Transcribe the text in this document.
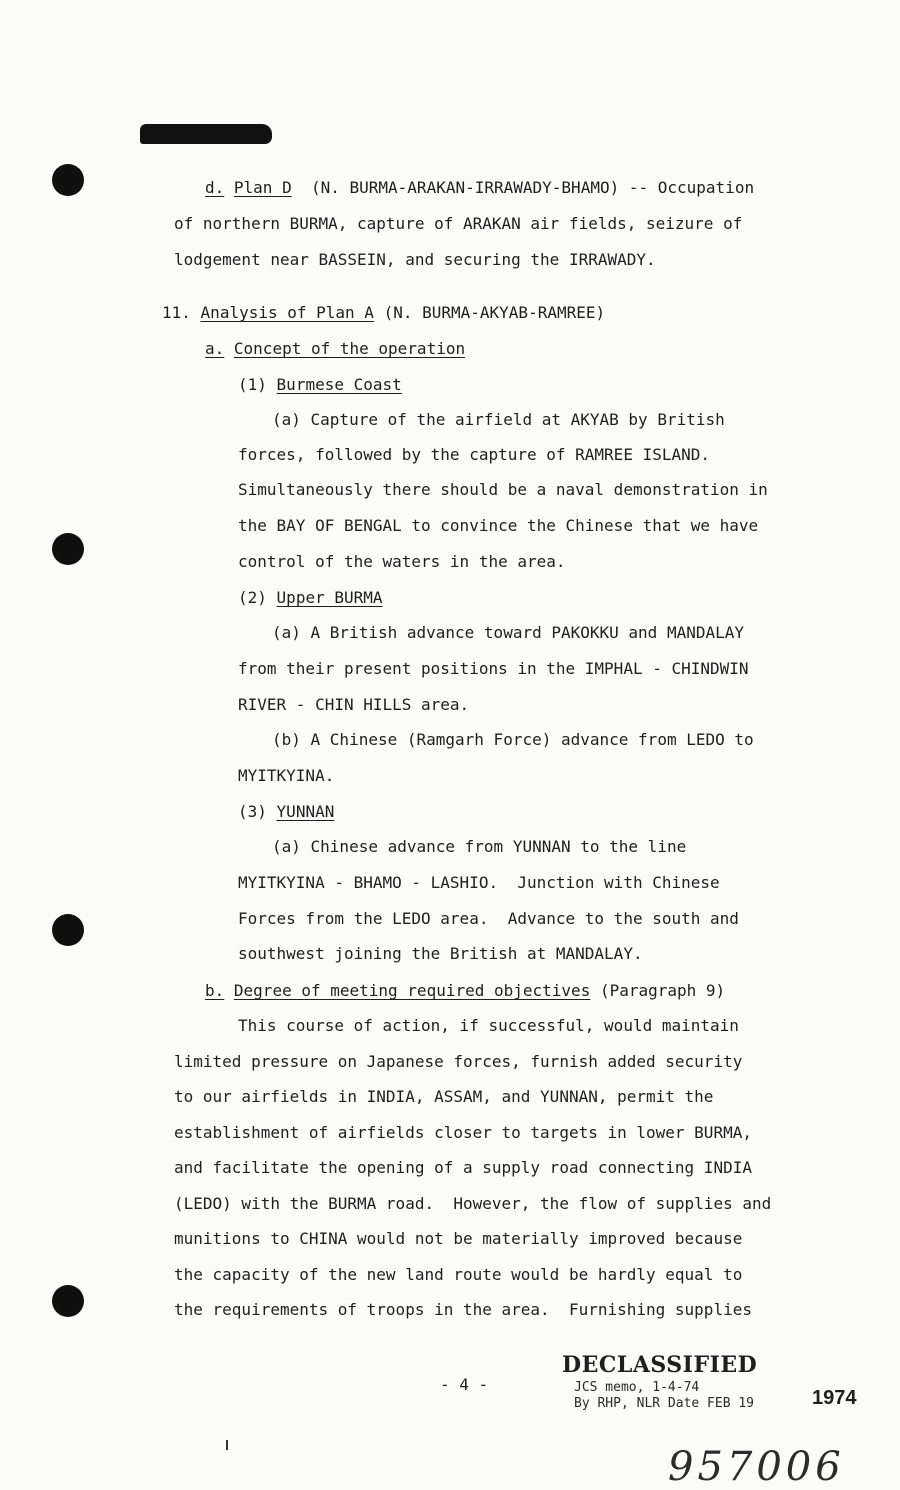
d. Plan D  (N. BURMA-ARAKAN-IRRAWADY-BHAMO) -- Occupation
of northern BURMA, capture of ARAKAN air fields, seizure of
lodgement near BASSEIN, and securing the IRRAWADY.
11. Analysis of Plan A (N. BURMA-AKYAB-RAMREE)
a. Concept of the operation
(1) Burmese Coast
(a) Capture of the airfield at AKYAB by British
forces, followed by the capture of RAMREE ISLAND.
Simultaneously there should be a naval demonstration in
the BAY OF BENGAL to convince the Chinese that we have
control of the waters in the area.
(2) Upper BURMA
(a) A British advance toward PAKOKKU and MANDALAY
from their present positions in the IMPHAL - CHINDWIN
RIVER - CHIN HILLS area.
(b) A Chinese (Ramgarh Force) advance from LEDO to
MYITKYINA.
(3) YUNNAN
(a) Chinese advance from YUNNAN to the line
MYITKYINA - BHAMO - LASHIO.  Junction with Chinese
Forces from the LEDO area.  Advance to the south and
southwest joining the British at MANDALAY.
b. Degree of meeting required objectives (Paragraph 9)
This course of action, if successful, would maintain
limited pressure on Japanese forces, furnish added security
to our airfields in INDIA, ASSAM, and YUNNAN, permit the
establishment of airfields closer to targets in lower BURMA,
and facilitate the opening of a supply road connecting INDIA
(LEDO) with the BURMA road.  However, the flow of supplies and
munitions to CHINA would not be materially improved because
the capacity of the new land route would be hardly equal to
the requirements of troops in the area.  Furnishing supplies
- 4 -
DECLASSIFIED
JCS memo, 1-4-74
By RHP, NLR Date FEB 19	1974
957006
